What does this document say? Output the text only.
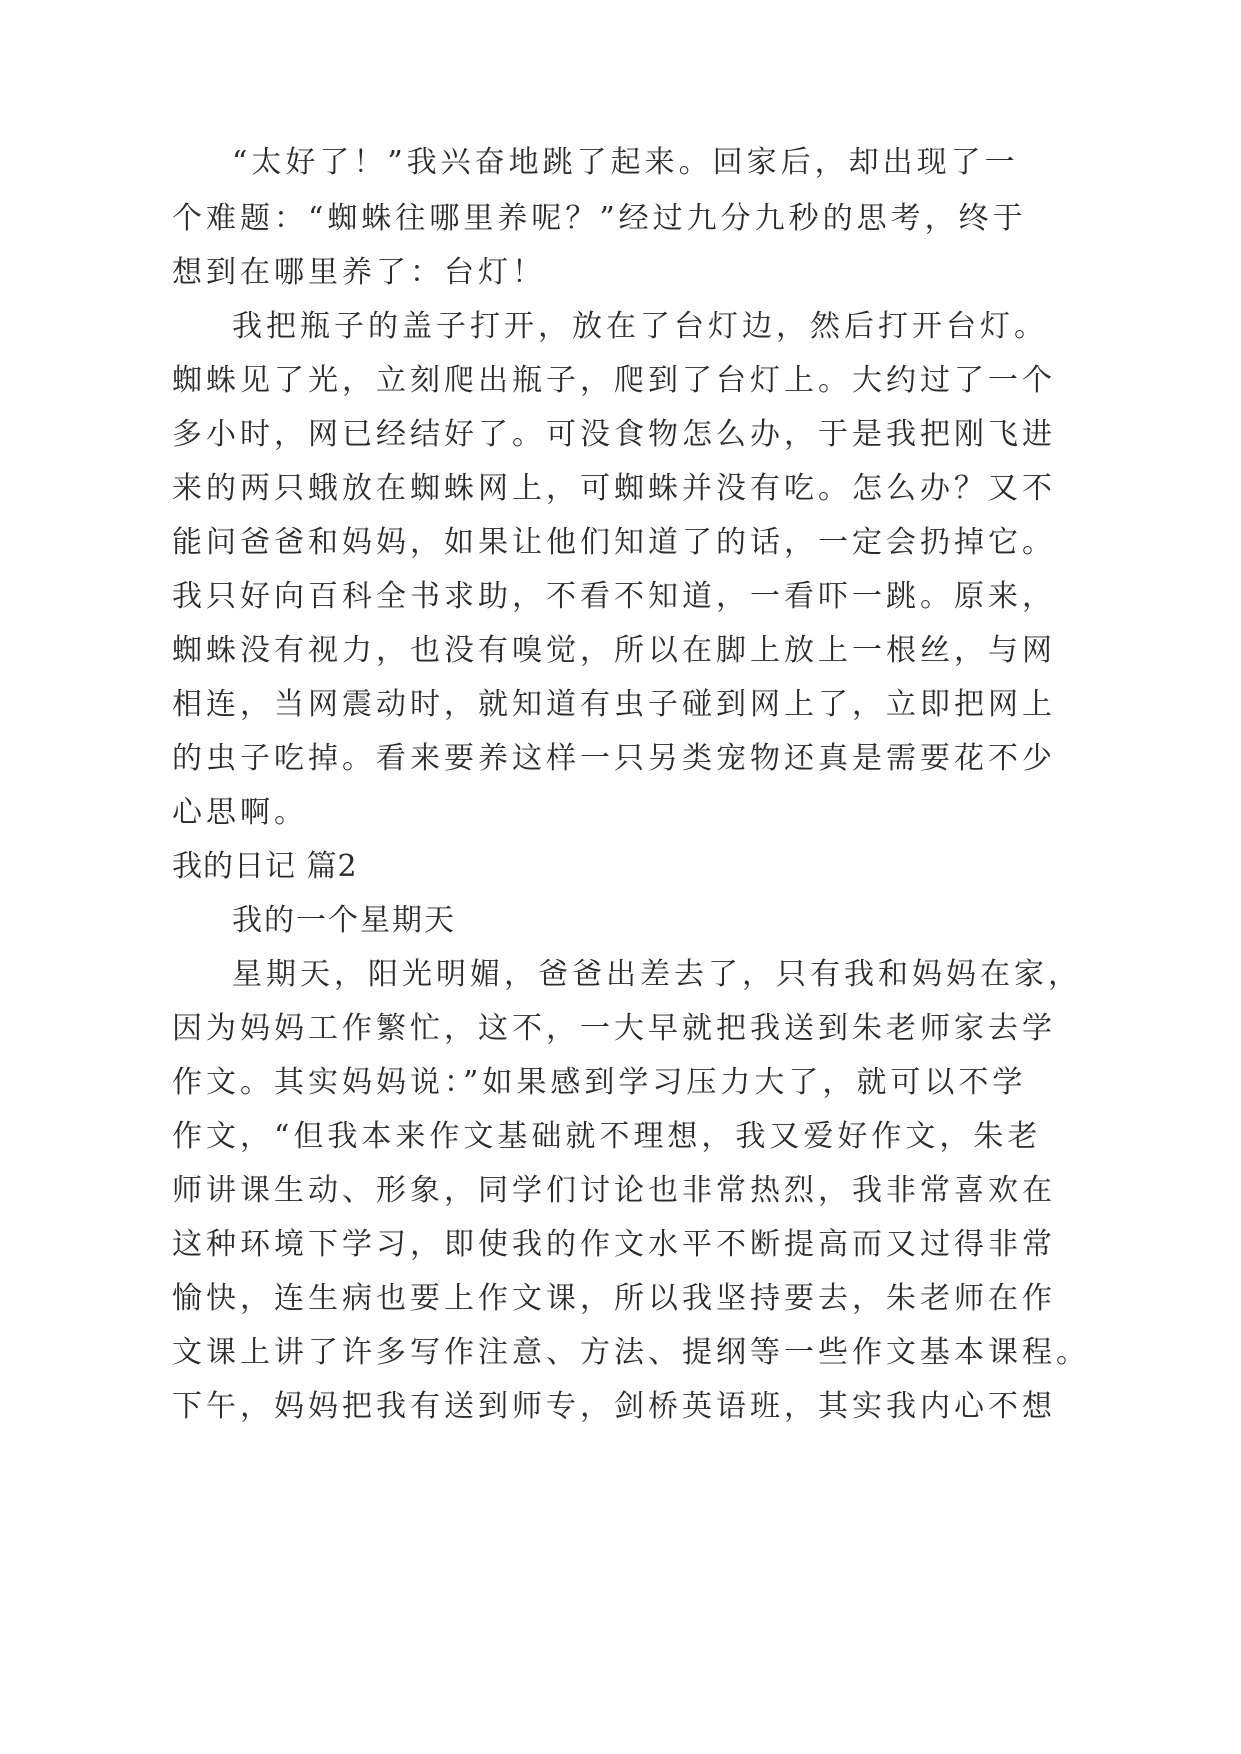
“太好了！”我兴奋地跳了起来。回家后，却出现了一
个难题：“蜘蛛往哪里养呢？”经过九分九秒的思考，终于
想到在哪里养了：台灯！
我把瓶子的盖子打开，放在了台灯边，然后打开台灯。
蜘蛛见了光，立刻爬出瓶子，爬到了台灯上。大约过了一个
多小时，网已经结好了。可没食物怎么办，于是我把刚飞进
来的两只蛾放在蜘蛛网上，可蜘蛛并没有吃。怎么办？又不
能问爸爸和妈妈，如果让他们知道了的话，一定会扔掉它。
我只好向百科全书求助，不看不知道，一看吓一跳。原来，
蜘蛛没有视力，也没有嗅觉，所以在脚上放上一根丝，与网
相连，当网震动时，就知道有虫子碰到网上了，立即把网上
的虫子吃掉。看来要养这样一只另类宠物还真是需要花不少
心思啊。
我的日记 篇2
我的一个星期天
星期天，阳光明媚，爸爸出差去了，只有我和妈妈在家，
因为妈妈工作繁忙，这不，一大早就把我送到朱老师家去学
作文。其实妈妈说：”如果感到学习压力大了，就可以不学
作文，“但我本来作文基础就不理想，我又爱好作文，朱老
师讲课生动、形象，同学们讨论也非常热烈，我非常喜欢在
这种环境下学习，即使我的作文水平不断提高而又过得非常
愉快，连生病也要上作文课，所以我坚持要去，朱老师在作
文课上讲了许多写作注意、方法、提纲等一些作文基本课程。
下午，妈妈把我有送到师专，剑桥英语班，其实我内心不想
